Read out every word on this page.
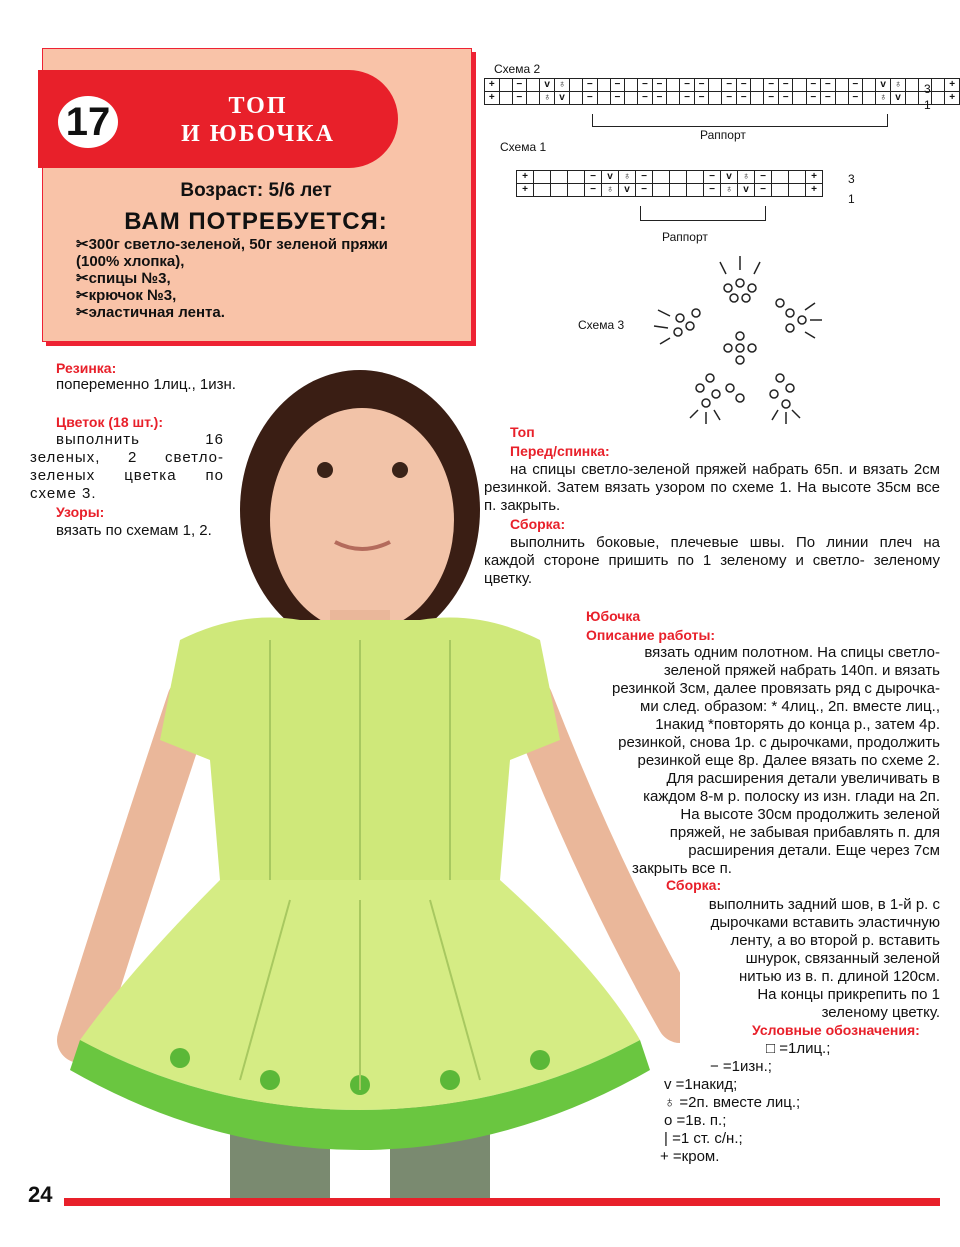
17	ТОП
И ЮБОЧКА
Возраст: 5/6 лет
ВАМ ПОТРЕБУЕТСЯ:
✂300г светло-зеленой, 50г зеленой пряжи
(100% хлопка),
✂спицы №3,
✂крючок №3,
✂эластичная лента.
Резинка:
попеременно 1лиц., 1изн.
Цветок (18 шт.):
выполнить 16 зеленых, 2 светло-зеленых цветка по схеме 3.
Узоры:
вязать по схемам 1, 2.
Схема 2
+		−		v	♁		−		−		−	−		−	−		−	−		−	−		−	−		−		v	♁				+
+		−		♁	v		−		−		−	−		−	−		−	−		−	−		−	−		−		♁	v				+
3
1
Раппорт
Схема 1
+				−	v	♁	−				−	v	♁	−			+
+				−	♁	v	−				−	♁	v	−			+
3
1
Раппорт
Схема 3
Топ
Перед/спинка:
на спицы светло-зеленой пряжей набрать 65п. и вязать 2см резинкой. Затем вязать узором по схеме 1. На высоте 35см все п. закрыть.
Сборка:
выполнить боковые, плечевые швы. По линии плеч на каждой стороне пришить по 1 зеленому и светло- зеленому цветку.
Юбочка
Описание работы:
вязать одним полотном. На спицы светло-
зеленой пряжей набрать 140п. и вязать
резинкой 3см, далее провязать ряд с дырочка-
ми след. образом: * 4лиц., 2п. вместе лиц.,
1накид *повторять до конца р., затем 4р.
резинкой, снова 1р. с дырочками, продолжить
резинкой еще 8р. Далее вязать по схеме 2.
Для расширения детали увеличивать в
каждом 8-м р. полоску из изн. глади на 2п.
На высоте 30см продолжить зеленой
пряжей, не забывая прибавлять п. для
расширения детали. Еще через 7см
закрыть все п.
Сборка:
выполнить задний шов, в 1-й р. с
дырочками вставить эластичную
ленту, а во второй р. вставить
шнурок, связанный зеленой
нитью из в. п. длиной 120см.
На концы прикрепить по 1
зеленому цветку.
Условные обозначения:
□ =1лиц.;
− =1изн.;
v =1накид;
♁ =2п. вместе лиц.;
o =1в. п.;
| =1 ст. с/н.;
+ =кром.
24
